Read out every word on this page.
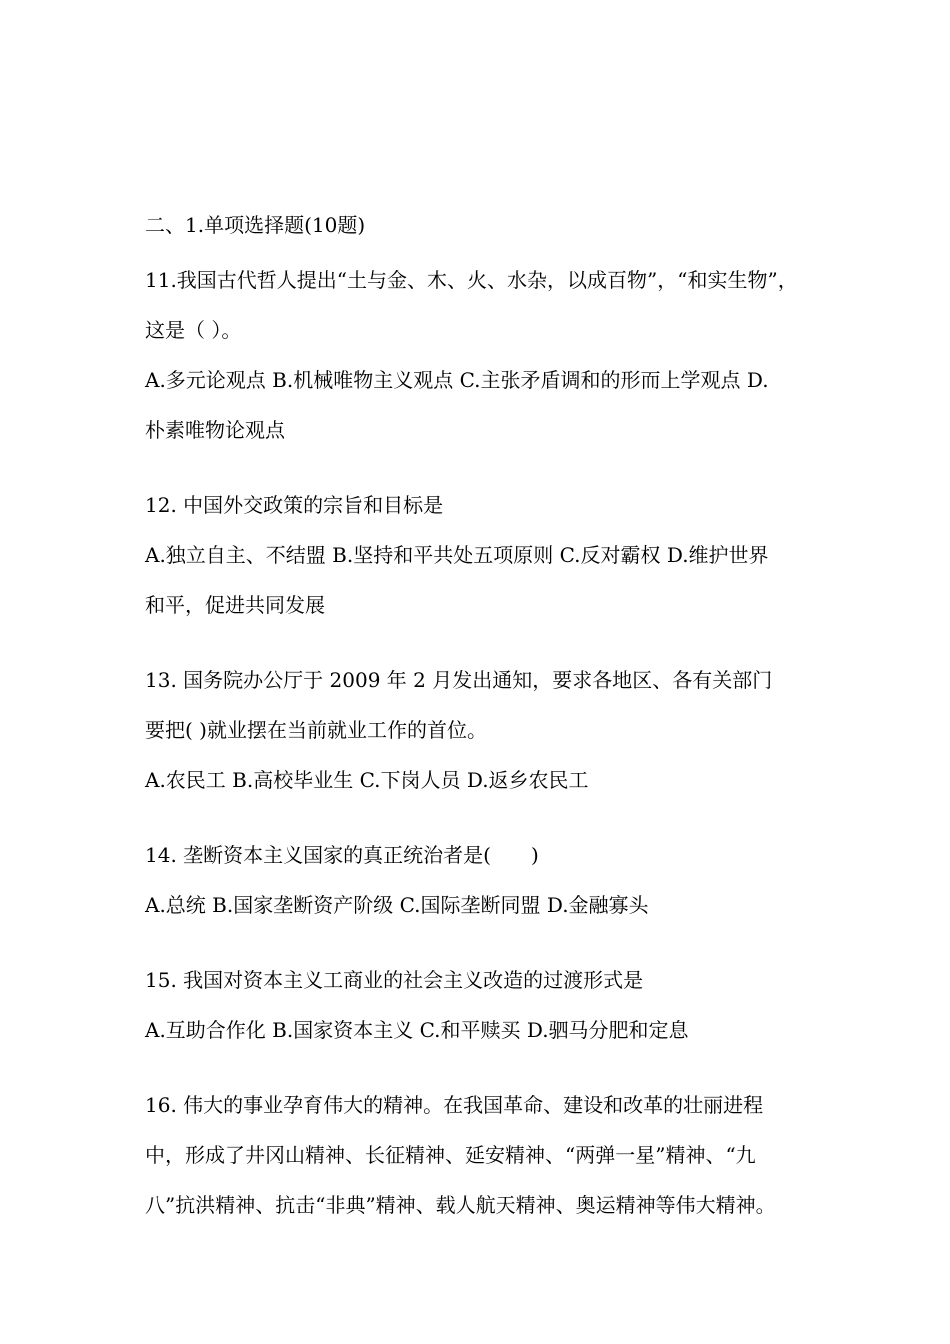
二、1.单项选择题(10题)
11.我国古代哲人提出“土与金、木、火、水杂，以成百物”，“和实生物”，
这是（ ）。
A.多元论观点 B.机械唯物主义观点 C.主张矛盾调和的形而上学观点 D.
朴素唯物论观点
12. 中国外交政策的宗旨和目标是
A.独立自主、不结盟 B.坚持和平共处五项原则 C.反对霸权 D.维护世界
和平，促进共同发展
13. 国务院办公厅于 2009 年 2 月发出通知，要求各地区、各有关部门
要把( )就业摆在当前就业工作的首位。
A.农民工 B.高校毕业生 C.下岗人员 D.返乡农民工
14. 垄断资本主义国家的真正统治者是(　　)
A.总统 B.国家垄断资产阶级 C.国际垄断同盟 D.金融寡头
15. 我国对资本主义工商业的社会主义改造的过渡形式是
A.互助合作化 B.国家资本主义 C.和平赎买 D.驷马分肥和定息
16. 伟大的事业孕育伟大的精神。在我国革命、建设和改革的壮丽进程
中，形成了井冈山精神、长征精神、延安精神、“两弹一星”精神、“九
八”抗洪精神、抗击“非典”精神、载人航天精神、奥运精神等伟大精神。
